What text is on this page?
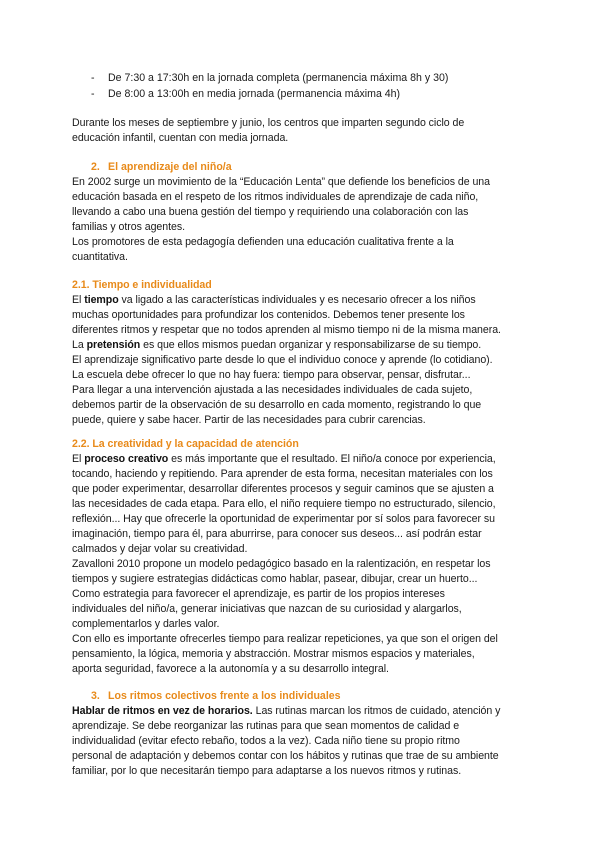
- De 7:30 a 17:30h en la jornada completa (permanencia máxima 8h y 30)
- De 8:00 a 13:00h en media jornada (permanencia máxima 4h)
Durante los meses de septiembre y junio, los centros que imparten segundo ciclo de
educación infantil, cuentan con media jornada.
2. El aprendizaje del niño/a
En 2002 surge un movimiento de la “Educación Lenta” que defiende los beneficios de una
educación basada en el respeto de los ritmos individuales de aprendizaje de cada niño,
llevando a cabo una buena gestión del tiempo y requiriendo una colaboración con las
familias y otros agentes.
Los promotores de esta pedagogía defienden una educación cualitativa frente a la
cuantitativa.
2.1. Tiempo e individualidad
El tiempo va ligado a las características individuales y es necesario ofrecer a los niños
muchas oportunidades para profundizar los contenidos. Debemos tener presente los
diferentes ritmos y respetar que no todos aprenden al mismo tiempo ni de la misma manera.
La pretensión es que ellos mismos puedan organizar y responsabilizarse de su tiempo.
El aprendizaje significativo parte desde lo que el individuo conoce y aprende (lo cotidiano).
La escuela debe ofrecer lo que no hay fuera: tiempo para observar, pensar, disfrutar...
Para llegar a una intervención ajustada a las necesidades individuales de cada sujeto,
debemos partir de la observación de su desarrollo en cada momento, registrando lo que
puede, quiere y sabe hacer. Partir de las necesidades para cubrir carencias.
2.2. La creatividad y la capacidad de atención
El proceso creativo es más importante que el resultado. El niño/a conoce por experiencia,
tocando, haciendo y repitiendo. Para aprender de esta forma, necesitan materiales con los
que poder experimentar, desarrollar diferentes procesos y seguir caminos que se ajusten a
las necesidades de cada etapa. Para ello, el niño requiere tiempo no estructurado, silencio,
reflexión... Hay que ofrecerle la oportunidad de experimentar por sí solos para favorecer su
imaginación, tiempo para él, para aburrirse, para conocer sus deseos... así podrán estar
calmados y dejar volar su creatividad.
Zavalloni 2010 propone un modelo pedagógico basado en la ralentización, en respetar los
tiempos y sugiere estrategias didácticas como hablar, pasear, dibujar, crear un huerto...
Como estrategia para favorecer el aprendizaje, es partir de los propios intereses
individuales del niño/a, generar iniciativas que nazcan de su curiosidad y alargarlos,
complementarlos y darles valor.
Con ello es importante ofrecerles tiempo para realizar repeticiones, ya que son el origen del
pensamiento, la lógica, memoria y abstracción. Mostrar mismos espacios y materiales,
aporta seguridad, favorece a la autonomía y a su desarrollo integral.
3. Los ritmos colectivos frente a los individuales
Hablar de ritmos en vez de horarios. Las rutinas marcan los ritmos de cuidado, atención y
aprendizaje. Se debe reorganizar las rutinas para que sean momentos de calidad e
individualidad (evitar efecto rebaño, todos a la vez). Cada niño tiene su propio ritmo
personal de adaptación y debemos contar con los hábitos y rutinas que trae de su ambiente
familiar, por lo que necesitarán tiempo para adaptarse a los nuevos ritmos y rutinas.
